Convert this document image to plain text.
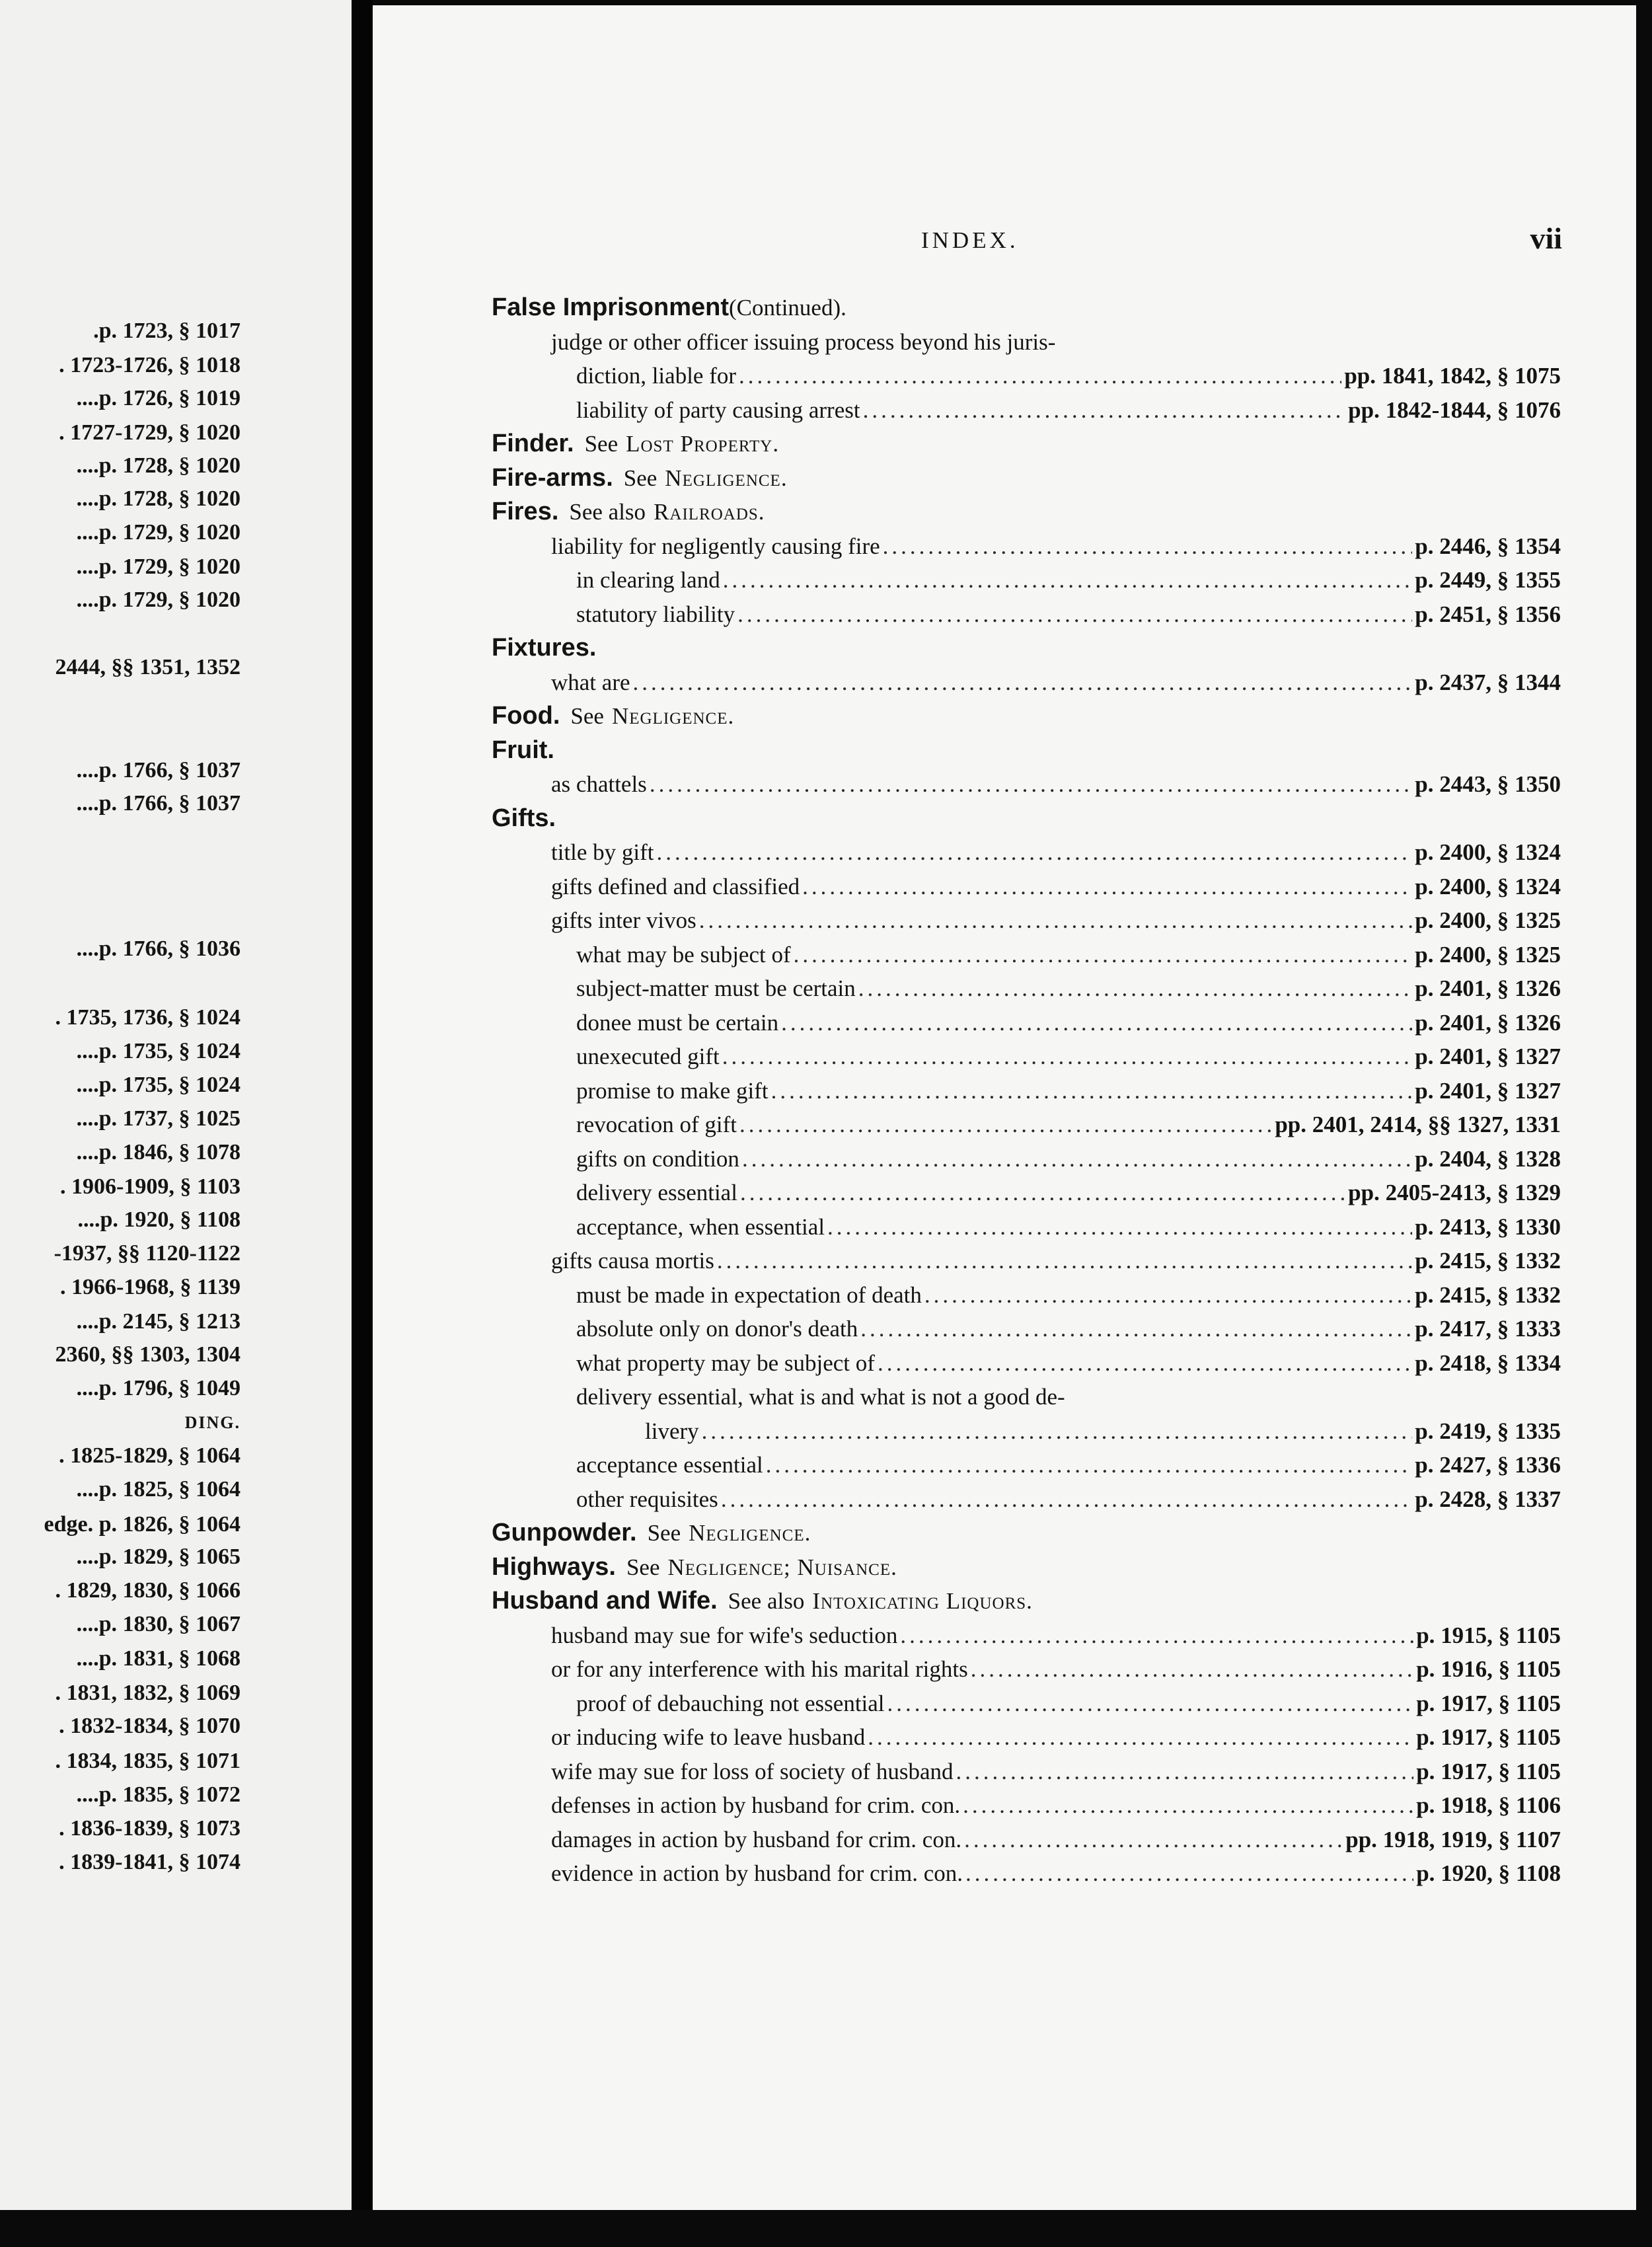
.p. 1723, § 1017
. 1723-1726, § 1018
....p. 1726, § 1019
. 1727-1729, § 1020
....p. 1728, § 1020
....p. 1728, § 1020
....p. 1729, § 1020
....p. 1729, § 1020
....p. 1729, § 1020
2444, §§ 1351, 1352
....p. 1766, § 1037
....p. 1766, § 1037
....p. 1766, § 1036
. 1735, 1736, § 1024
....p. 1735, § 1024
....p. 1735, § 1024
....p. 1737, § 1025
....p. 1846, § 1078
. 1906-1909, § 1103
....p. 1920, § 1108
-1937, §§ 1120-1122
. 1966-1968, § 1139
....p. 2145, § 1213
2360, §§ 1303, 1304
....p. 1796, § 1049
DING.
. 1825-1829, § 1064
....p. 1825, § 1064
edge. p. 1826, § 1064
....p. 1829, § 1065
. 1829, 1830, § 1066
....p. 1830, § 1067
....p. 1831, § 1068
. 1831, 1832, § 1069
. 1832-1834, § 1070
. 1834, 1835, § 1071
....p. 1835, § 1072
. 1836-1839, § 1073
. 1839-1841, § 1074
INDEX.	vii
False Imprisonment (Continued).
judge or other officer issuing process beyond his juris-
diction, liable for .....	pp. 1841, 1842, § 1075
liability of party causing arrest .....	pp. 1842-1844, § 1076
Finder. See Lost Property.
Fire-arms. See Negligence.
Fires. See also Railroads.
liability for negligently causing fire .....	p. 2446, § 1354
in clearing land .....	p. 2449, § 1355
statutory liability .....	p. 2451, § 1356
Fixtures.
what are .....	p. 2437, § 1344
Food. See Negligence.
Fruit.
as chattels .....	p. 2443, § 1350
Gifts.
title by gift .....	p. 2400, § 1324
gifts defined and classified .....	p. 2400, § 1324
gifts inter vivos .....	p. 2400, § 1325
what may be subject of .....	p. 2400, § 1325
subject-matter must be certain .....	p. 2401, § 1326
donee must be certain .....	p. 2401, § 1326
unexecuted gift .....	p. 2401, § 1327
promise to make gift .....	p. 2401, § 1327
revocation of gift .....	pp. 2401, 2414, §§ 1327, 1331
gifts on condition .....	p. 2404, § 1328
delivery essential .....	pp. 2405-2413, § 1329
acceptance, when essential .....	p. 2413, § 1330
gifts causa mortis .....	p. 2415, § 1332
must be made in expectation of death .....	p. 2415, § 1332
absolute only on donor's death .....	p. 2417, § 1333
what property may be subject of .....	p. 2418, § 1334
delivery essential, what is and what is not a good de-
livery .....	p. 2419, § 1335
acceptance essential .....	p. 2427, § 1336
other requisites .....	p. 2428, § 1337
Gunpowder. See Negligence.
Highways. See Negligence; Nuisance.
Husband and Wife. See also Intoxicating Liquors.
husband may sue for wife's seduction .....	p. 1915, § 1105
or for any interference with his marital rights .....	p. 1916, § 1105
proof of debauching not essential .....	p. 1917, § 1105
or inducing wife to leave husband .....	p. 1917, § 1105
wife may sue for loss of society of husband .....	p. 1917, § 1105
defenses in action by husband for crim. con. .....	p. 1918, § 1106
damages in action by husband for crim. con. .....	pp. 1918, 1919, § 1107
evidence in action by husband for crim. con. .....	p. 1920, § 1108
